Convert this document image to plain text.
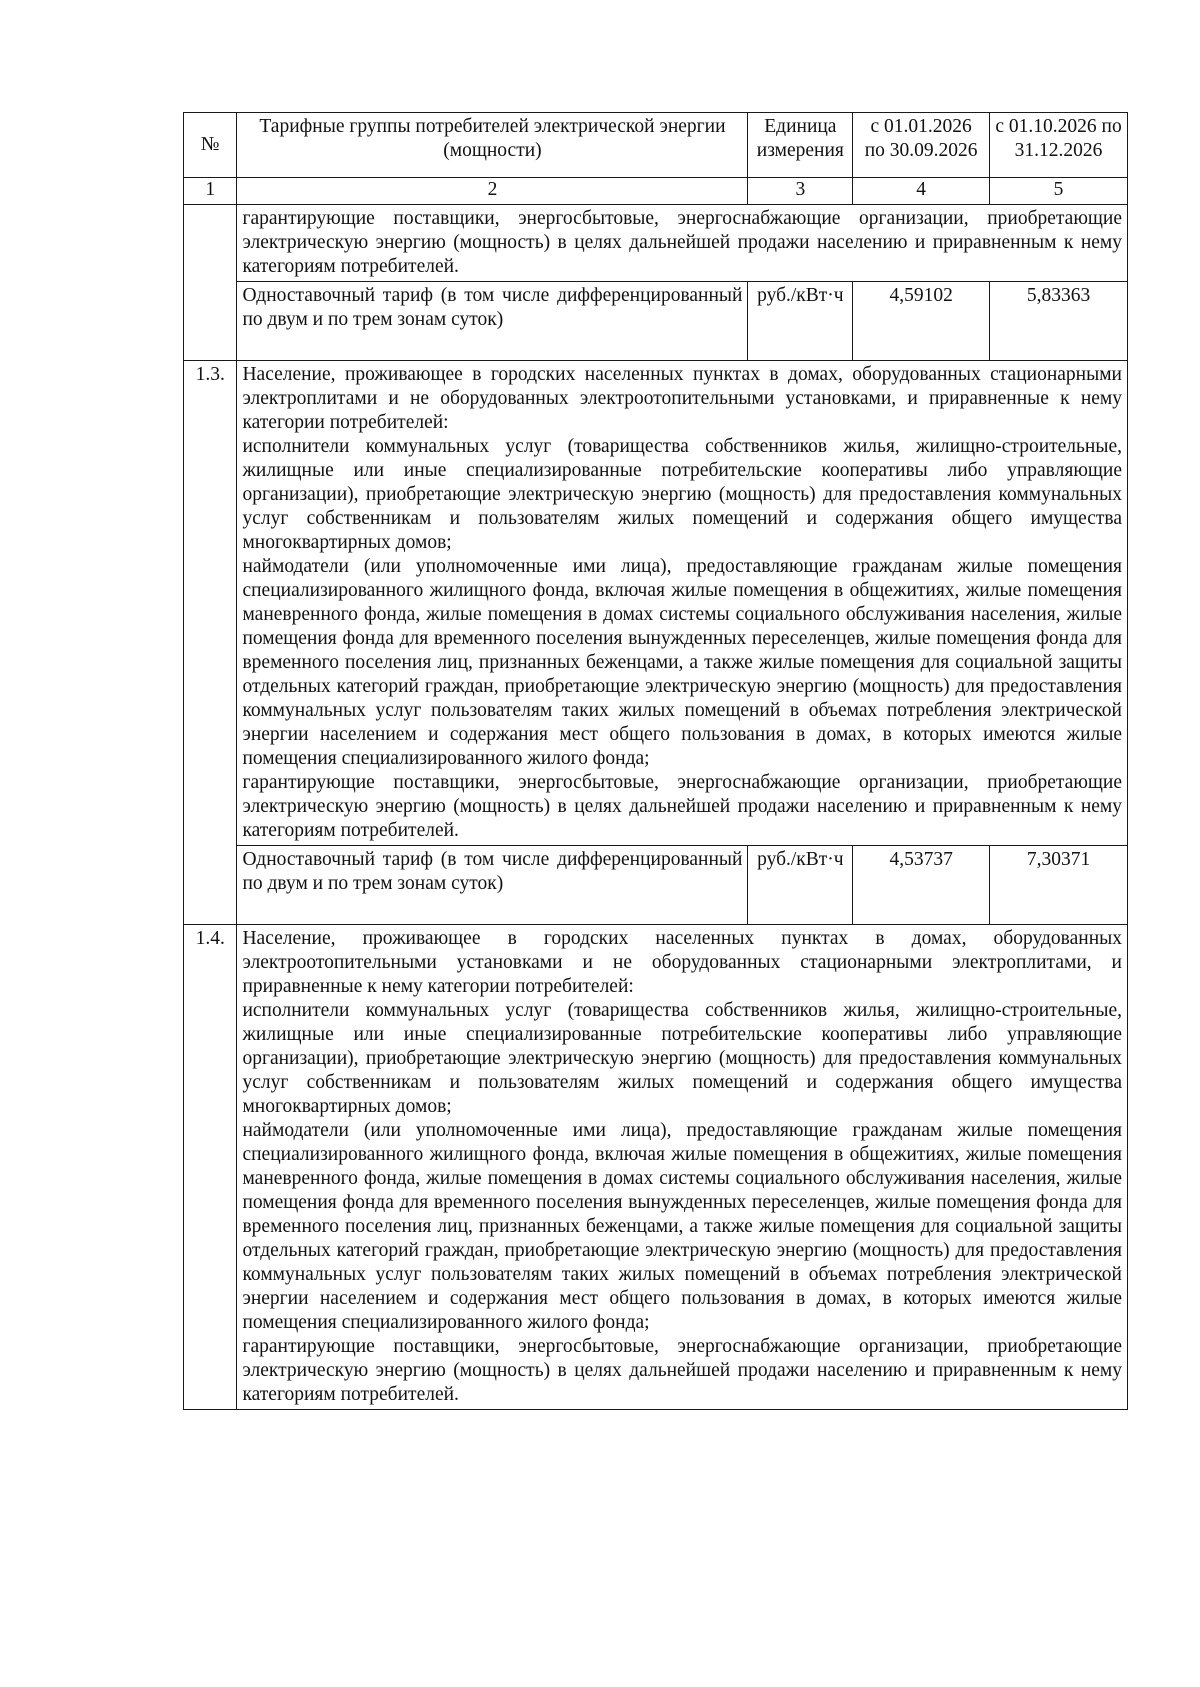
№	Тарифные группы потребителей электрической энергии (мощности)	Единица измерения	с 01.01.2026 по 30.09.2026	с 01.10.2026 по 31.12.2026
1	2	3	4	5

	гарантирующие поставщики, энергосбытовые, энергоснабжающие организации, приобретающие электрическую энергию (мощность) в целях дальнейшей продажи населению и приравненным к нему категориям потребителей.			

	Одноставочный тариф (в том числе дифференцированный по двум и по трем зонам суток)	руб./кВт·ч	4,59102	5,83363
1.3.	Население, проживающее в городских населенных пунктах в домах, оборудованных стационарными электроплитами и не оборудованных электроотопительными установками, и приравненные к нему категории потребителей:

исполнители коммунальных услуг (товарищества собственников жилья, жилищно-строительные, жилищные или иные специализированные потребительские кооперативы либо управляющие организации), приобретающие электрическую энергию (мощность) для предоставления коммунальных услуг собственникам и пользователям жилых помещений и содержания общего имущества многоквартирных домов;

наймодатели (или уполномоченные ими лица), предоставляющие гражданам жилые помещения специализированного жилищного фонда, включая жилые помещения в общежитиях, жилые помещения маневренного фонда, жилые помещения в домах системы социального обслуживания населения, жилые помещения фонда для временного поселения вынужденных переселенцев, жилые помещения фонда для временного поселения лиц, признанных беженцами, а также жилые помещения для социальной защиты отдельных категорий граждан, приобретающие электрическую энергию (мощность) для предоставления коммунальных услуг пользователям таких жилых помещений в объемах потребления электрической энергии населением и содержания мест общего пользования в домах, в которых имеются жилые помещения специализированного жилого фонда;

гарантирующие поставщики, энергосбытовые, энергоснабжающие организации, приобретающие электрическую энергию (мощность) в целях дальнейшей продажи населению и приравненным к нему категориям потребителей.			

	Одноставочный тариф (в том числе дифференцированный по двум и по трем зонам суток)	руб./кВт·ч	4,53737	7,30371
1.4.	Население, проживающее в городских населенных пунктах в домах, оборудованных электроотопительными установками и не оборудованных стационарными электроплитами, и приравненные к нему категории потребителей:

исполнители коммунальных услуг (товарищества собственников жилья, жилищно-строительные, жилищные или иные специализированные потребительские кооперативы либо управляющие организации), приобретающие электрическую энергию (мощность) для предоставления коммунальных услуг собственникам и пользователям жилых помещений и содержания общего имущества многоквартирных домов;

наймодатели (или уполномоченные ими лица), предоставляющие гражданам жилые помещения специализированного жилищного фонда, включая жилые помещения в общежитиях, жилые помещения маневренного фонда, жилые помещения в домах системы социального обслуживания населения, жилые помещения фонда для временного поселения вынужденных переселенцев, жилые помещения фонда для временного поселения лиц, признанных беженцами, а также жилые помещения для социальной защиты отдельных категорий граждан, приобретающие электрическую энергию (мощность) для предоставления коммунальных услуг пользователям таких жилых помещений в объемах потребления электрической энергии населением и содержания мест общего пользования в домах, в которых имеются жилые помещения специализированного жилого фонда;

гарантирующие поставщики, энергосбытовые, энергоснабжающие организации, приобретающие электрическую энергию (мощность) в целях дальнейшей продажи населению и приравненным к нему категориям потребителей.			
